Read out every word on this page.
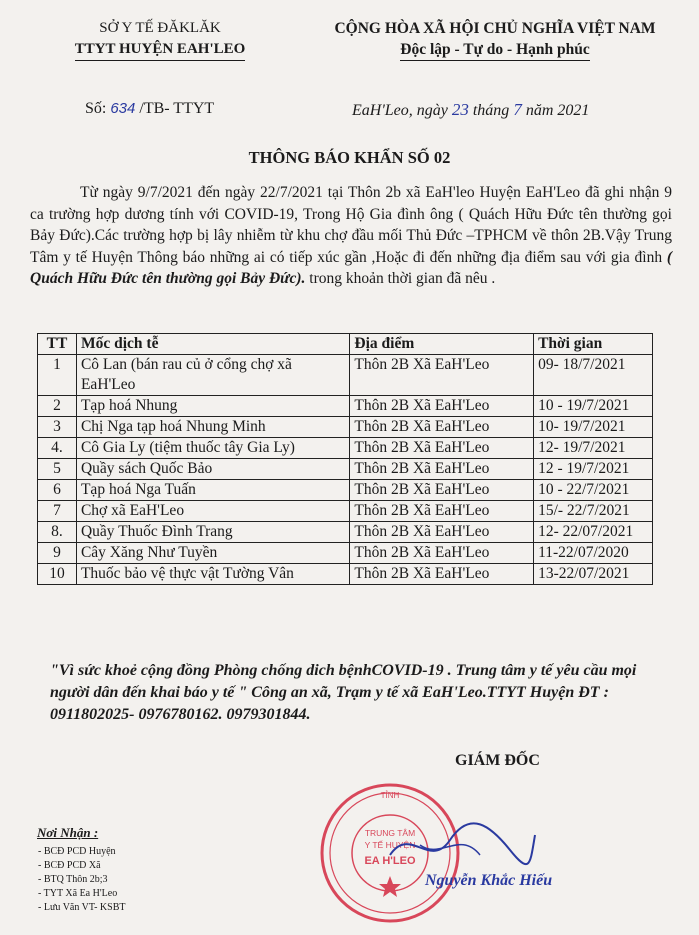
SỞ Y TẾ ĐĂKLĂK
TTYT HUYỆN EAH'LEO
CỘNG HÒA XÃ HỘI CHỦ NGHĨA VIỆT NAM
Độc lập - Tự do - Hạnh phúc
Số: 634 /TB- TTYT	EaH'Leo, ngày 23 tháng 7 năm 2021
THÔNG BÁO KHẨN SỐ 02
Từ ngày 9/7/2021 đến ngày 22/7/2021 tại Thôn 2b xã EaH'leo Huyện EaH'Leo đã ghi nhận 9 ca trường hợp dương tính với COVID-19, Trong Hộ Gia đình ông ( Quách Hữu Đức tên thường gọi Bảy Đức).Các trường hợp bị lây nhiễm từ khu chợ đầu mối Thủ Đức –TPHCM về thôn 2B.Vậy Trung Tâm y tế Huyện Thông báo những ai có tiếp xúc gần ,Hoặc đi đến những địa điểm sau với gia đình ( Quách Hữu Đức tên thường gọi Bảy Đức). trong khoản thời gian đã nêu .
TT	Mốc dịch tễ	Địa điểm	Thời gian
1	Cô Lan (bán rau củ ở cổng chợ xã EaH'Leo	Thôn 2B Xã EaH'Leo	09- 18/7/2021
2	Tạp hoá Nhung	Thôn 2B Xã EaH'Leo	10 - 19/7/2021
3	Chị Nga tạp hoá Nhung Minh	Thôn 2B Xã EaH'Leo	10- 19/7/2021
4.	Cô Gia Ly (tiệm thuốc tây Gia Ly)	Thôn 2B Xã EaH'Leo	12- 19/7/2021
5	Quầy sách Quốc Bảo	Thôn 2B Xã EaH'Leo	12 - 19/7/2021
6	Tạp hoá Nga Tuấn	Thôn 2B Xã EaH'Leo	10 - 22/7/2021
7	Chợ xã EaH'Leo	Thôn 2B Xã EaH'Leo	15/- 22/7/2021
8.	Quầy Thuốc Đình Trang	Thôn 2B Xã EaH'Leo	12- 22/07/2021
9	Cây Xăng Như Tuyền	Thôn 2B Xã EaH'Leo	11-22/07/2020
10	Thuốc bảo vệ thực vật Tường Vân	Thôn 2B Xã EaH'Leo	13-22/07/2021
"Vì sức khoẻ cộng đồng Phòng chống dich bệnhCOVID-19 . Trung tâm y tế yêu cầu mọi người dân đến khai báo y tế " Công an xã, Trạm y tế xã EaH'Leo.TTYT Huyện ĐT : 0911802025- 0976780162. 0979301844.
GIÁM ĐỐC
TỈNH
TRUNG TÂM
Y TẾ HUYỆN
EA H'LEO
Nguyễn Khắc Hiếu
Nơi Nhận :
- BCĐ PCD Huyện
- BCĐ PCD Xã
- BTQ Thôn 2b;3
- TYT Xã Ea H'Leo
- Lưu Văn VT- KSBT
